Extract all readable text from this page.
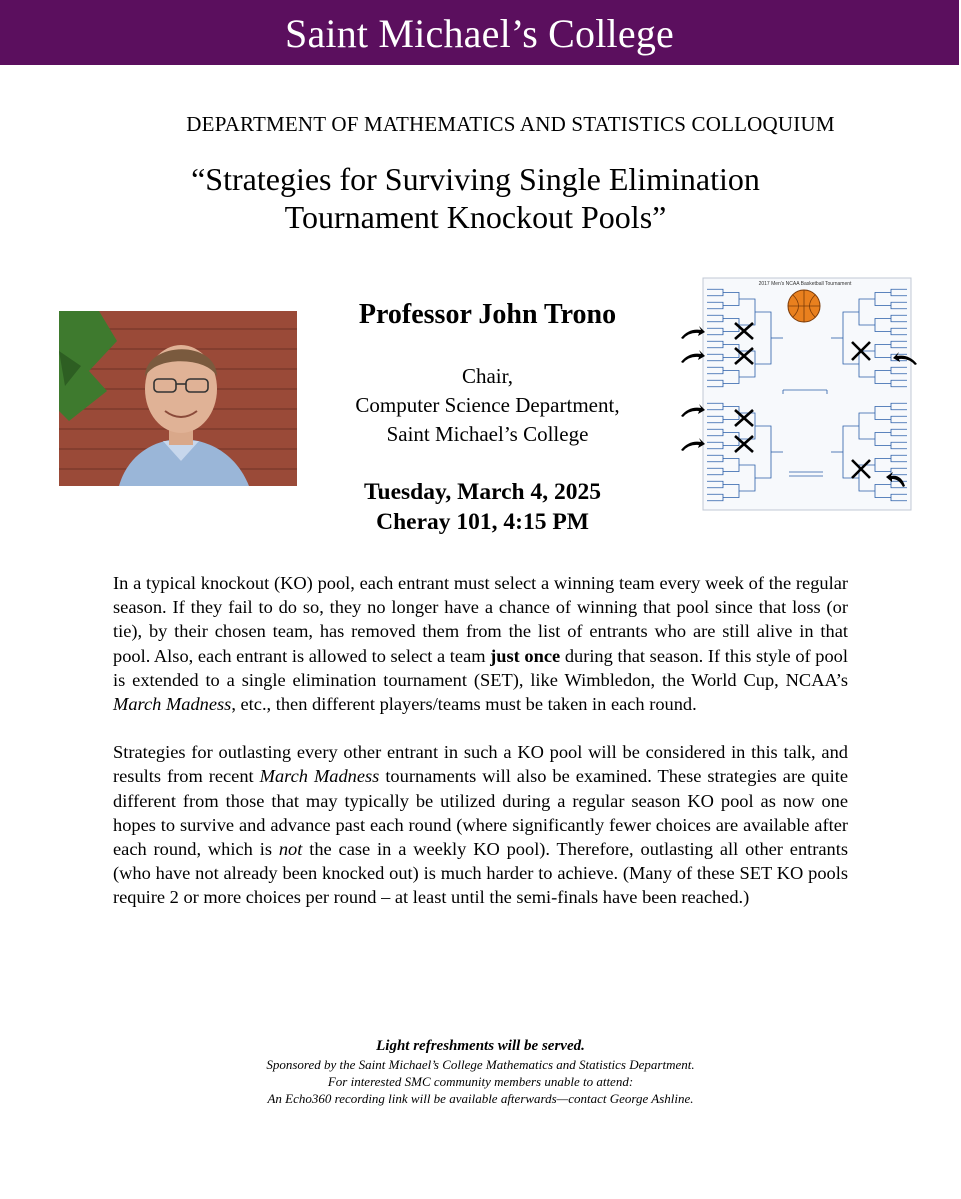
Saint Michael’s College
DEPARTMENT OF MATHEMATICS AND STATISTICS COLLOQUIUM
“Strategies for Surviving Single Elimination
Tournament Knockout Pools”
Professor John Trono
Chair,
Computer Science Department,
Saint Michael’s College
Tuesday, March 4, 2025
Cheray 101, 4:15 PM
2017 Men's NCAA Basketball Tournament

In a typical knockout (KO) pool, each entrant must select a winning team every week of the regular season. If they fail to do so, they no longer have a chance of winning that pool since that loss (or tie), by their chosen team, has removed them from the list of entrants who are still alive in that pool. Also, each entrant is allowed to select a team just once during that season. If this style of pool is extended to a single elimination tournament (SET), like Wimbledon, the World Cup, NCAA’s March Madness, etc., then different players/teams must be taken in each round.

Strategies for outlasting every other entrant in such a KO pool will be considered in this talk, and results from recent March Madness tournaments will also be examined. These strategies are quite different from those that may typically be utilized during a regular season KO pool as now one hopes to survive and advance past each round (where significantly fewer choices are available after each round, which is not the case in a weekly KO pool). Therefore, outlasting all other entrants (who have not already been knocked out) is much harder to achieve. (Many of these SET KO pools require 2 or more choices per round – at least until the semi-finals have been reached.)

Light refreshments will be served.
Sponsored by the Saint Michael’s College Mathematics and Statistics Department.
For interested SMC community members unable to attend:
An Echo360 recording link will be available afterwards—contact George Ashline.
